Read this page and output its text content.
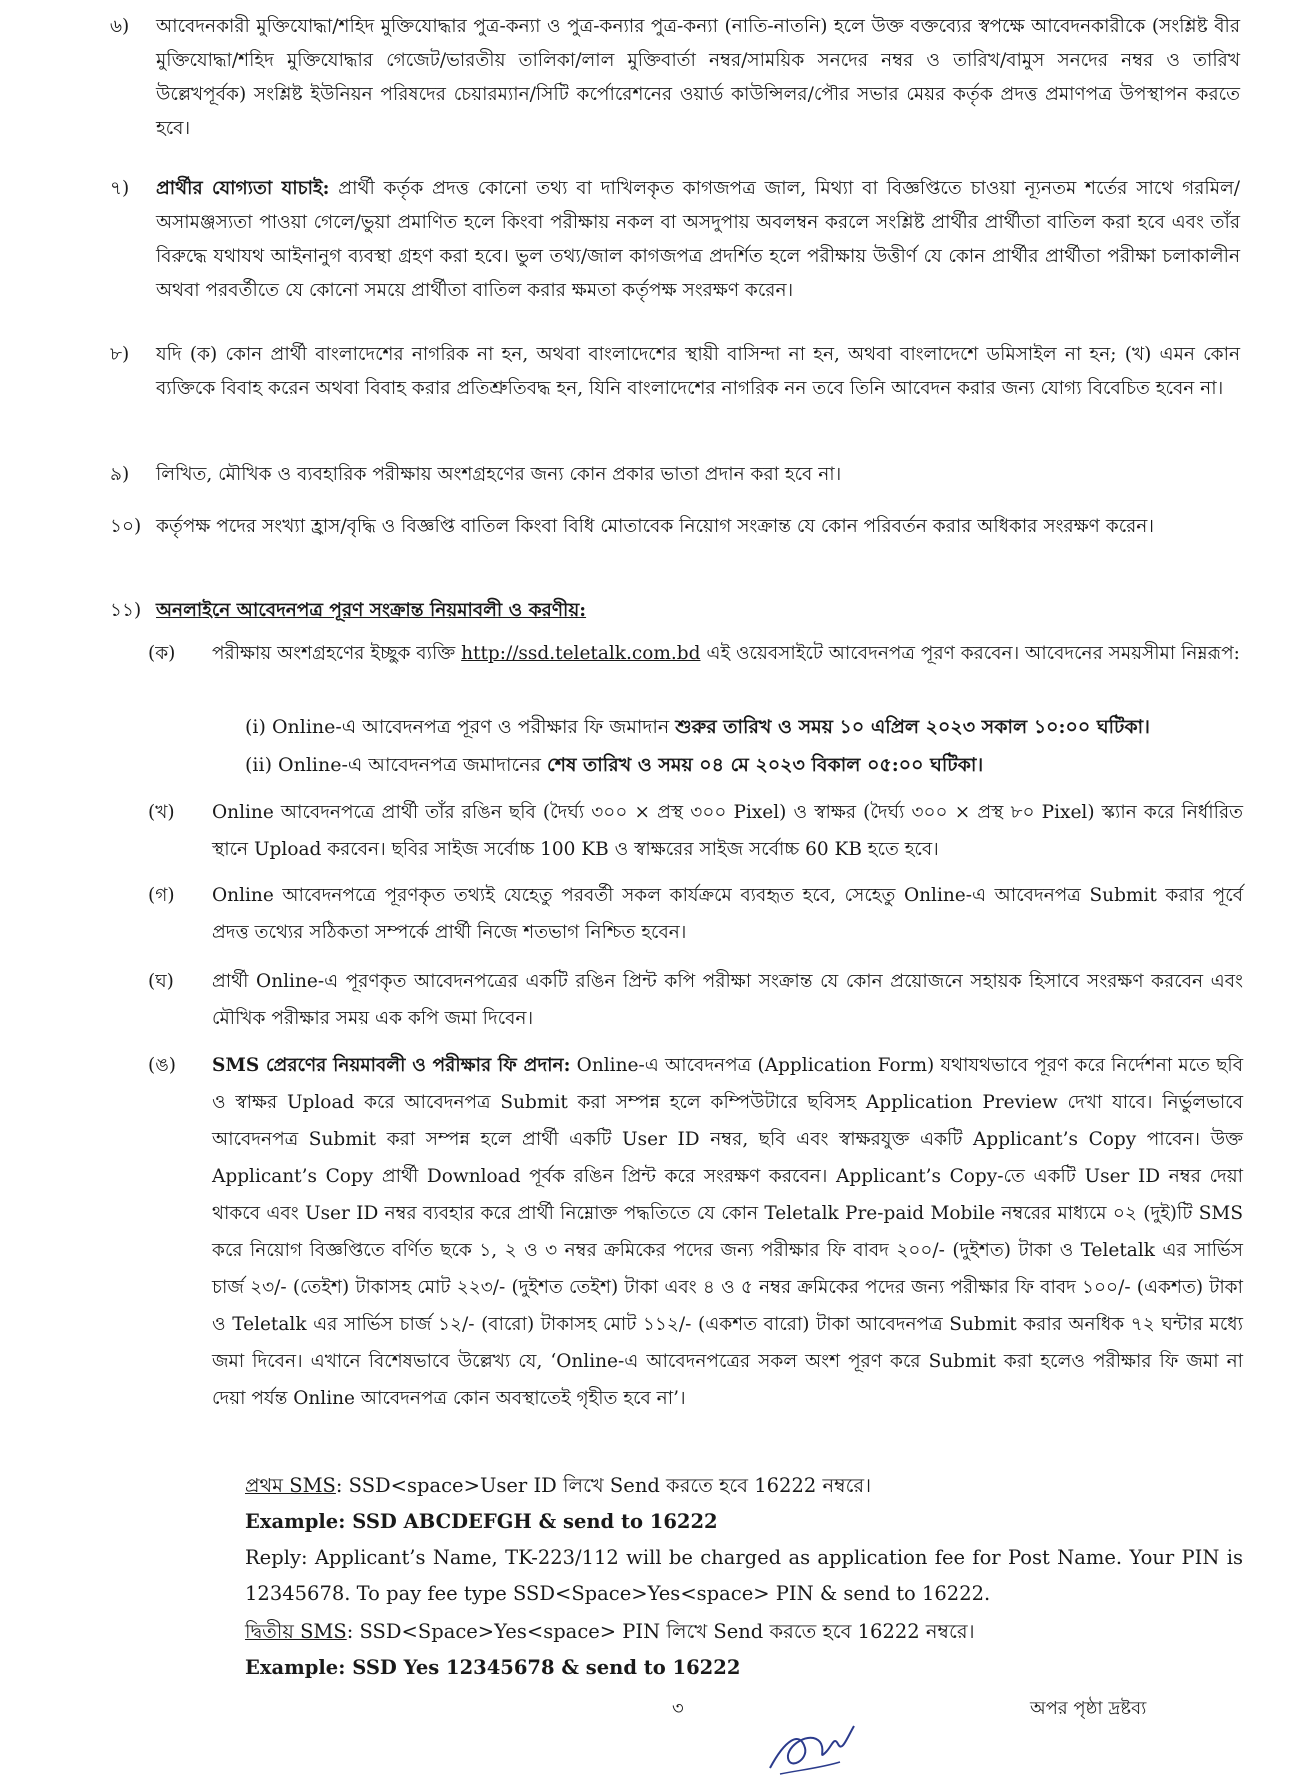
৬) আবেদনকারী মুক্তিযোদ্ধা/শহিদ মুক্তিযোদ্ধার পুত্র-কন্যা ও পুত্র-কন্যার পুত্র-কন্যা (নাতি-নাতনি) হলে উক্ত বক্তব্যের স্বপক্ষে আবেদনকারীকে (সংশ্লিষ্ট বীর মুক্তিযোদ্ধা/শহিদ মুক্তিযোদ্ধার গেজেট/ভারতীয় তালিকা/লাল মুক্তিবার্তা নম্বর/সাময়িক সনদের নম্বর ও তারিখ/বামুস সনদের নম্বর ও তারিখ উল্লেখপূর্বক) সংশ্লিষ্ট ইউনিয়ন পরিষদের চেয়ারম্যান/সিটি কর্পোরেশনের ওয়ার্ড কাউন্সিলর/পৌর সভার মেয়র কর্তৃক প্রদত্ত প্রমাণপত্র উপস্থাপন করতে হবে।

৭) প্রার্থীর যোগ্যতা যাচাই: প্রার্থী কর্তৃক প্রদত্ত কোনো তথ্য বা দাখিলকৃত কাগজপত্র জাল, মিথ্যা বা বিজ্ঞপ্তিতে চাওয়া ন্যূনতম শর্তের সাথে গরমিল/অসামঞ্জস্যতা পাওয়া গেলে/ভুয়া প্রমাণিত হলে কিংবা পরীক্ষায় নকল বা অসদুপায় অবলম্বন করলে সংশ্লিষ্ট প্রার্থীর প্রার্থীতা বাতিল করা হবে এবং তাঁর বিরুদ্ধে যথাযথ আইনানুগ ব্যবস্থা গ্রহণ করা হবে। ভুল তথ্য/জাল কাগজপত্র প্রদর্শিত হলে পরীক্ষায় উত্তীর্ণ যে কোন প্রার্থীর প্রার্থীতা পরীক্ষা চলাকালীন অথবা পরবর্তীতে যে কোনো সময়ে প্রার্থীতা বাতিল করার ক্ষমতা কর্তৃপক্ষ সংরক্ষণ করেন।

৮) যদি (ক) কোন প্রার্থী বাংলাদেশের নাগরিক না হন, অথবা বাংলাদেশের স্থায়ী বাসিন্দা না হন, অথবা বাংলাদেশে ডমিসাইল না হন; (খ) এমন কোন ব্যক্তিকে বিবাহ করেন অথবা বিবাহ করার প্রতিশ্রুতিবদ্ধ হন, যিনি বাংলাদেশের নাগরিক নন তবে তিনি আবেদন করার জন্য যোগ্য বিবেচিত হবেন না।

৯) লিখিত, মৌখিক ও ব্যবহারিক পরীক্ষায় অংশগ্রহণের জন্য কোন প্রকার ভাতা প্রদান করা হবে না।

১০) কর্তৃপক্ষ পদের সংখ্যা হ্রাস/বৃদ্ধি ও বিজ্ঞপ্তি বাতিল কিংবা বিধি মোতাবেক নিয়োগ সংক্রান্ত যে কোন পরিবর্তন করার অধিকার সংরক্ষণ করেন।

১১) অনলাইনে আবেদনপত্র পূরণ সংক্রান্ত নিয়মাবলী ও করণীয়:

(ক) পরীক্ষায় অংশগ্রহণের ইচ্ছুক ব্যক্তি http://ssd.teletalk.com.bd এই ওয়েবসাইটে আবেদনপত্র পূরণ করবেন। আবেদনের সময়সীমা নিম্নরূপ:

(i) Online-এ আবেদনপত্র পূরণ ও পরীক্ষার ফি জমাদান শুরুর তারিখ ও সময় ১০ এপ্রিল ২০২৩ সকাল ১০:০০ ঘটিকা।
(ii) Online-এ আবেদনপত্র জমাদানের শেষ তারিখ ও সময় ০৪ মে ২০২৩ বিকাল ০৫:০০ ঘটিকা।
(খ) Online আবেদনপত্রে প্রার্থী তাঁর রঙিন ছবি (দৈর্ঘ্য ৩০০ × প্রস্থ ৩০০ Pixel) ও স্বাক্ষর (দৈর্ঘ্য ৩০০ × প্রস্থ ৮০ Pixel) স্ক্যান করে নির্ধারিত স্থানে Upload করবেন। ছবির সাইজ সর্বোচ্চ 100 KB ও স্বাক্ষরের সাইজ সর্বোচ্চ 60 KB হতে হবে।

(গ) Online আবেদনপত্রে পূরণকৃত তথ্যই যেহেতু পরবর্তী সকল কার্যক্রমে ব্যবহৃত হবে, সেহেতু Online-এ আবেদনপত্র Submit করার পূর্বে প্রদত্ত তথ্যের সঠিকতা সম্পর্কে প্রার্থী নিজে শতভাগ নিশ্চিত হবেন।

(ঘ) প্রার্থী Online-এ পূরণকৃত আবেদনপত্রের একটি রঙিন প্রিন্ট কপি পরীক্ষা সংক্রান্ত যে কোন প্রয়োজনে সহায়ক হিসাবে সংরক্ষণ করবেন এবং মৌখিক পরীক্ষার সময় এক কপি জমা দিবেন।

(ঙ) SMS প্রেরণের নিয়মাবলী ও পরীক্ষার ফি প্রদান: Online-এ আবেদনপত্র (Application Form) যথাযথভাবে পূরণ করে নির্দেশনা মতে ছবি ও স্বাক্ষর Upload করে আবেদনপত্র Submit করা সম্পন্ন হলে কম্পিউটারে ছবিসহ Application Preview দেখা যাবে। নির্ভুলভাবে আবেদনপত্র Submit করা সম্পন্ন হলে প্রার্থী একটি User ID নম্বর, ছবি এবং স্বাক্ষরযুক্ত একটি Applicant’s Copy পাবেন। উক্ত Applicant’s Copy প্রার্থী Download পূর্বক রঙিন প্রিন্ট করে সংরক্ষণ করবেন। Applicant’s Copy-তে একটি User ID নম্বর দেয়া থাকবে এবং User ID নম্বর ব্যবহার করে প্রার্থী নিম্নোক্ত পদ্ধতিতে যে কোন Teletalk Pre-paid Mobile নম্বরের মাধ্যমে ০২ (দুই)টি SMS করে নিয়োগ বিজ্ঞপ্তিতে বর্ণিত ছকে ১, ২ ও ৩ নম্বর ক্রমিকের পদের জন্য পরীক্ষার ফি বাবদ ২০০/- (দুইশত) টাকা ও Teletalk এর সার্ভিস চার্জ ২৩/- (তেইশ) টাকাসহ মোট ২২৩/- (দুইশত তেইশ) টাকা এবং ৪ ও ৫ নম্বর ক্রমিকের পদের জন্য পরীক্ষার ফি বাবদ ১০০/- (একশত) টাকা ও Teletalk এর সার্ভিস চার্জ ১২/- (বারো) টাকাসহ মোট ১১২/- (একশত বারো) টাকা আবেদনপত্র Submit করার অনধিক ৭২ ঘন্টার মধ্যে জমা দিবেন। এখানে বিশেষভাবে উল্লেখ্য যে, ‘Online-এ আবেদনপত্রের সকল অংশ পূরণ করে Submit করা হলেও পরীক্ষার ফি জমা না দেয়া পর্যন্ত Online আবেদনপত্র কোন অবস্থাতেই গৃহীত হবে না’।

প্রথম SMS: SSD<space>User ID লিখে Send করতে হবে 16222 নম্বরে।
Example: SSD ABCDEFGH & send to 16222
Reply: Applicant’s Name, TK-223/112 will be charged as application fee for Post Name. Your PIN is 12345678. To pay fee type SSD<Space>Yes<space> PIN & send to 16222.
দ্বিতীয় SMS: SSD<Space>Yes<space> PIN লিখে Send করতে হবে 16222 নম্বরে।
Example: SSD Yes 12345678 & send to 16222
৩	অপর পৃষ্ঠা দ্রষ্টব্য
